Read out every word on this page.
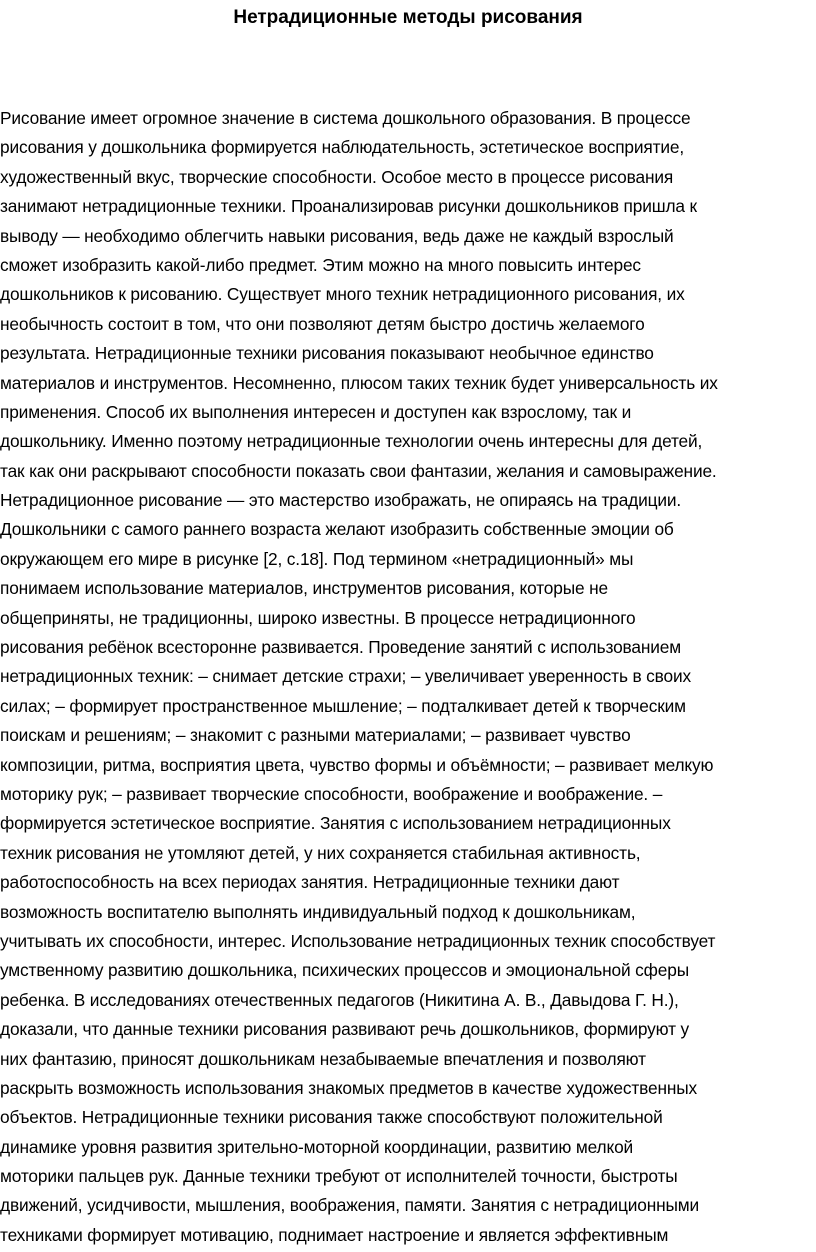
Нетрадиционные методы рисования
Рисование имеет огромное значение в система дошкольного образования. В процессе
рисования у дошкольника формируется наблюдательность, эстетическое восприятие,
художественный вкус, творческие способности. Особое место в процессе рисования
занимают нетрадиционные техники. Проанализировав рисунки дошкольников пришла к
выводу — необходимо облегчить навыки рисования, ведь даже не каждый взрослый
сможет изобразить какой-либо предмет. Этим можно на много повысить интерес
дошкольников к рисованию. Существует много техник нетрадиционного рисования, их
необычность состоит в том, что они позволяют детям быстро достичь желаемого
результата. Нетрадиционные техники рисования показывают необычное единство
материалов и инструментов. Несомненно, плюсом таких техник будет универсальность их
применения. Способ их выполнения интересен и доступен как взрослому, так и
дошкольнику. Именно поэтому нетрадиционные технологии очень интересны для детей,
так как они раскрывают способности показать свои фантазии, желания и самовыражение.
Нетрадиционное рисование — это мастерство изображать, не опираясь на традиции.
Дошкольники с самого раннего возраста желают изобразить собственные эмоции об
окружающем его мире в рисунке [2, с.18]. Под термином «нетрадиционный» мы
понимаем использование материалов, инструментов рисования, которые не
общеприняты, не традиционны, широко известны. В процессе нетрадиционного
рисования ребёнок всесторонне развивается. Проведение занятий с использованием
нетрадиционных техник: – снимает детские страхи; – увеличивает уверенность в своих
силах; – формирует пространственное мышление; – подталкивает детей к творческим
поискам и решениям; – знакомит с разными материалами; – развивает чувство
композиции, ритма, восприятия цвета, чувство формы и объёмности; – развивает мелкую
моторику рук; – развивает творческие способности, воображение и воображение. –
формируется эстетическое восприятие. Занятия с использованием нетрадиционных
техник рисования не утомляют детей, у них сохраняется стабильная активность,
работоспособность на всех периодах занятия. Нетрадиционные техники дают
возможность воспитателю выполнять индивидуальный подход к дошкольникам,
учитывать их способности, интерес. Использование нетрадиционных техник способствует
умственному развитию дошкольника, психических процессов и эмоциональной сферы
ребенка. В исследованиях отечественных педагогов (Никитина А. В., Давыдова Г. Н.),
доказали, что данные техники рисования развивают речь дошкольников, формируют у
них фантазию, приносят дошкольникам незабываемые впечатления и позволяют
раскрыть возможность использования знакомых предметов в качестве художественных
объектов. Нетрадиционные техники рисования также способствуют положительной
динамике уровня развития зрительно-моторной координации, развитию мелкой
моторики пальцев рук. Данные техники требуют от исполнителей точности, быстроты
движений, усидчивости, мышления, воображения, памяти. Занятия с нетрадиционными
техниками формирует мотивацию, поднимает настроение и является эффективным
